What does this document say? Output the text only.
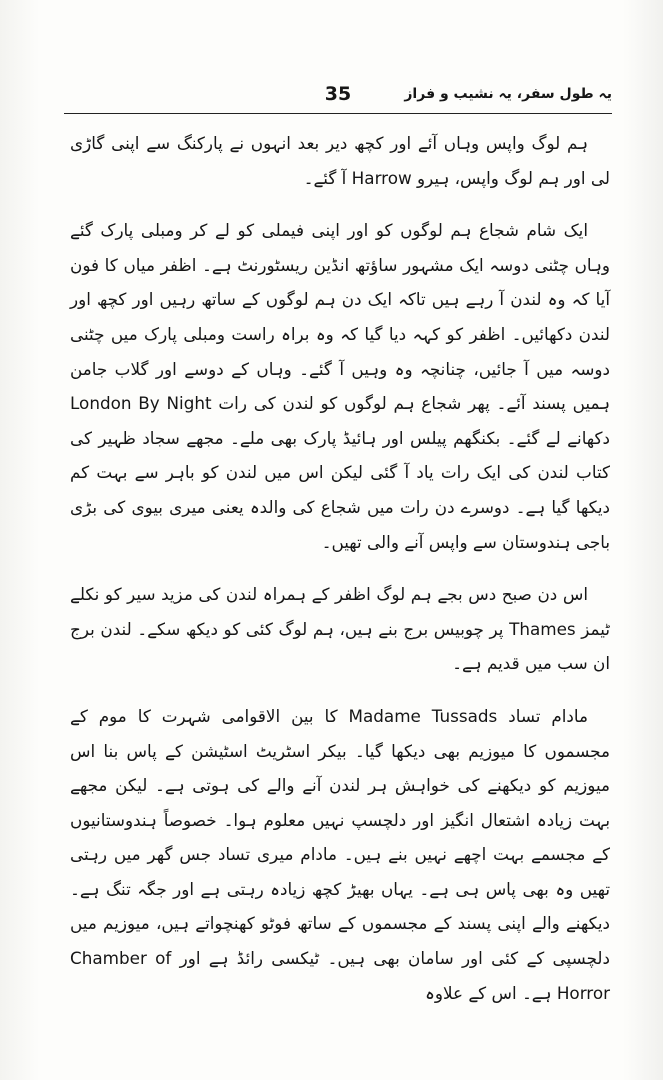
35	یہ طول سفر، یہ نشیب و فراز

ہم لوگ واپس وہاں آئے اور کچھ دیر بعد انہوں نے پارکنگ سے اپنی گاڑی لی اور ہم لوگ واپس، ہیرو Harrow آ گئے۔

ایک شام شجاع ہم لوگوں کو اور اپنی فیملی کو لے کر ومبلی پارک گئے وہاں چٹنی دوسہ ایک مشہور ساؤتھ انڈین ریسٹورنٹ ہے۔ اظفر میاں کا فون آیا کہ وہ لندن آ رہے ہیں تاکہ ایک دن ہم لوگوں کے ساتھ رہیں اور کچھ اور لندن دکھائیں۔ اظفر کو کہہ دیا گیا کہ وہ براہ راست ومبلی پارک میں چٹنی دوسہ میں آ جائیں، چنانچہ وہ وہیں آ گئے۔ وہاں کے دوسے اور گلاب جامن ہمیں پسند آئے۔ پھر شجاع ہم لوگوں کو لندن کی رات London By Night دکھانے لے گئے۔ بکنگھم پیلس اور ہائیڈ پارک بھی ملے۔ مجھے سجاد ظہیر کی کتاب لندن کی ایک رات یاد آ گئی لیکن اس میں لندن کو باہر سے بہت کم دیکھا گیا ہے۔ دوسرے دن رات میں شجاع کی والدہ یعنی میری بیوی کی بڑی باجی ہندوستان سے واپس آنے والی تھیں۔

اس دن صبح دس بجے ہم لوگ اظفر کے ہمراہ لندن کی مزید سیر کو نکلے ٹیمز Thames پر چوبیس برج بنے ہیں، ہم لوگ کئی کو دیکھ سکے۔ لندن برج ان سب میں قدیم ہے۔

مادام تساد Madame Tussads کا بین الاقوامی شہرت کا موم کے مجسموں کا میوزیم بھی دیکھا گیا۔ بیکر اسٹریٹ اسٹیشن کے پاس بنا اس میوزیم کو دیکھنے کی خواہش ہر لندن آنے والے کی ہوتی ہے۔ لیکن مجھے بہت زیادہ اشتعال انگیز اور دلچسپ نہیں معلوم ہوا۔ خصوصاً ہندوستانیوں کے مجسمے بہت اچھے نہیں بنے ہیں۔ مادام میری تساد جس گھر میں رہتی تھیں وہ بھی پاس ہی ہے۔ یہاں بھیڑ کچھ زیادہ رہتی ہے اور جگہ تنگ ہے۔ دیکھنے والے اپنی پسند کے مجسموں کے ساتھ فوٹو کھنچواتے ہیں، میوزیم میں دلچسپی کے کئی اور سامان بھی ہیں۔ ٹیکسی رائڈ ہے اور Chamber of Horror ہے۔ اس کے علاوہ
